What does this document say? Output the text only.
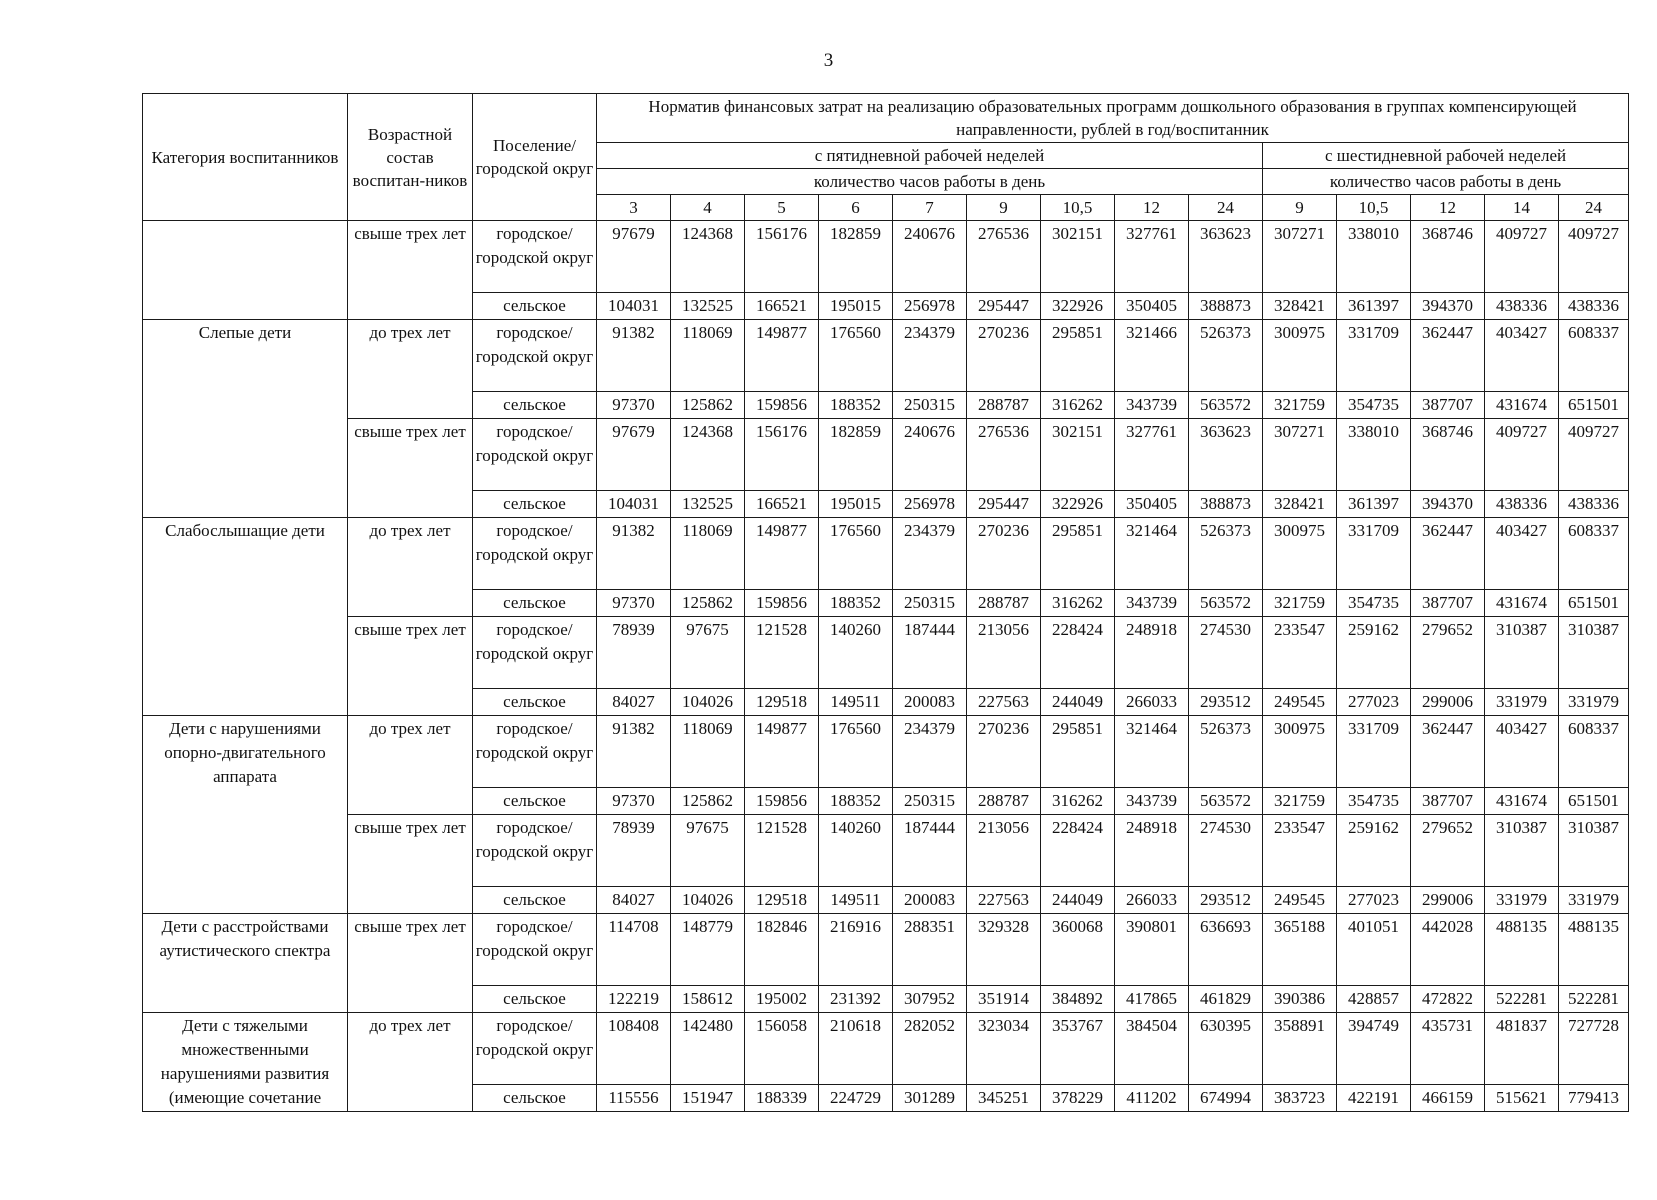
3
Категория воспитанников	Возрастной состав воспитан-ников	Поселение/ городской округ	Норматив финансовых затрат на реализацию образовательных программ дошкольного образования в группах компенсирующей направленности, рублей в год/воспитанник													
			с пятидневной рабочей неделей									с шестидневной рабочей неделей				
			количество часов работы в день									количество часов работы в день				
			3	4	5	6	7	9	10,5	12	24	9	10,5	12	14	24
	свыше трех лет	городское/ городской округ	97679	124368	156176	182859	240676	276536	302151	327761	363623	307271	338010	368746	409727	409727
		сельское	104031	132525	166521	195015	256978	295447	322926	350405	388873	328421	361397	394370	438336	438336
Слепые дети	до трех лет	городское/ городской округ	91382	118069	149877	176560	234379	270236	295851	321466	526373	300975	331709	362447	403427	608337
		сельское	97370	125862	159856	188352	250315	288787	316262	343739	563572	321759	354735	387707	431674	651501
	свыше трех лет	городское/ городской округ	97679	124368	156176	182859	240676	276536	302151	327761	363623	307271	338010	368746	409727	409727
		сельское	104031	132525	166521	195015	256978	295447	322926	350405	388873	328421	361397	394370	438336	438336
Слабослышащие дети	до трех лет	городское/ городской округ	91382	118069	149877	176560	234379	270236	295851	321464	526373	300975	331709	362447	403427	608337
		сельское	97370	125862	159856	188352	250315	288787	316262	343739	563572	321759	354735	387707	431674	651501
	свыше трех лет	городское/ городской округ	78939	97675	121528	140260	187444	213056	228424	248918	274530	233547	259162	279652	310387	310387
		сельское	84027	104026	129518	149511	200083	227563	244049	266033	293512	249545	277023	299006	331979	331979
Дети с нарушениями опорно-двигательного аппарата	до трех лет	городское/ городской округ	91382	118069	149877	176560	234379	270236	295851	321464	526373	300975	331709	362447	403427	608337
		сельское	97370	125862	159856	188352	250315	288787	316262	343739	563572	321759	354735	387707	431674	651501
	свыше трех лет	городское/ городской округ	78939	97675	121528	140260	187444	213056	228424	248918	274530	233547	259162	279652	310387	310387
		сельское	84027	104026	129518	149511	200083	227563	244049	266033	293512	249545	277023	299006	331979	331979
Дети с расстройствами аутистического спектра	свыше трех лет	городское/ городской округ	114708	148779	182846	216916	288351	329328	360068	390801	636693	365188	401051	442028	488135	488135
		сельское	122219	158612	195002	231392	307952	351914	384892	417865	461829	390386	428857	472822	522281	522281
Дети с тяжелыми множественными нарушениями развития (имеющие сочетание	до трех лет	городское/ городской округ	108408	142480	156058	210618	282052	323034	353767	384504	630395	358891	394749	435731	481837	727728
		сельское	115556	151947	188339	224729	301289	345251	378229	411202	674994	383723	422191	466159	515621	779413
